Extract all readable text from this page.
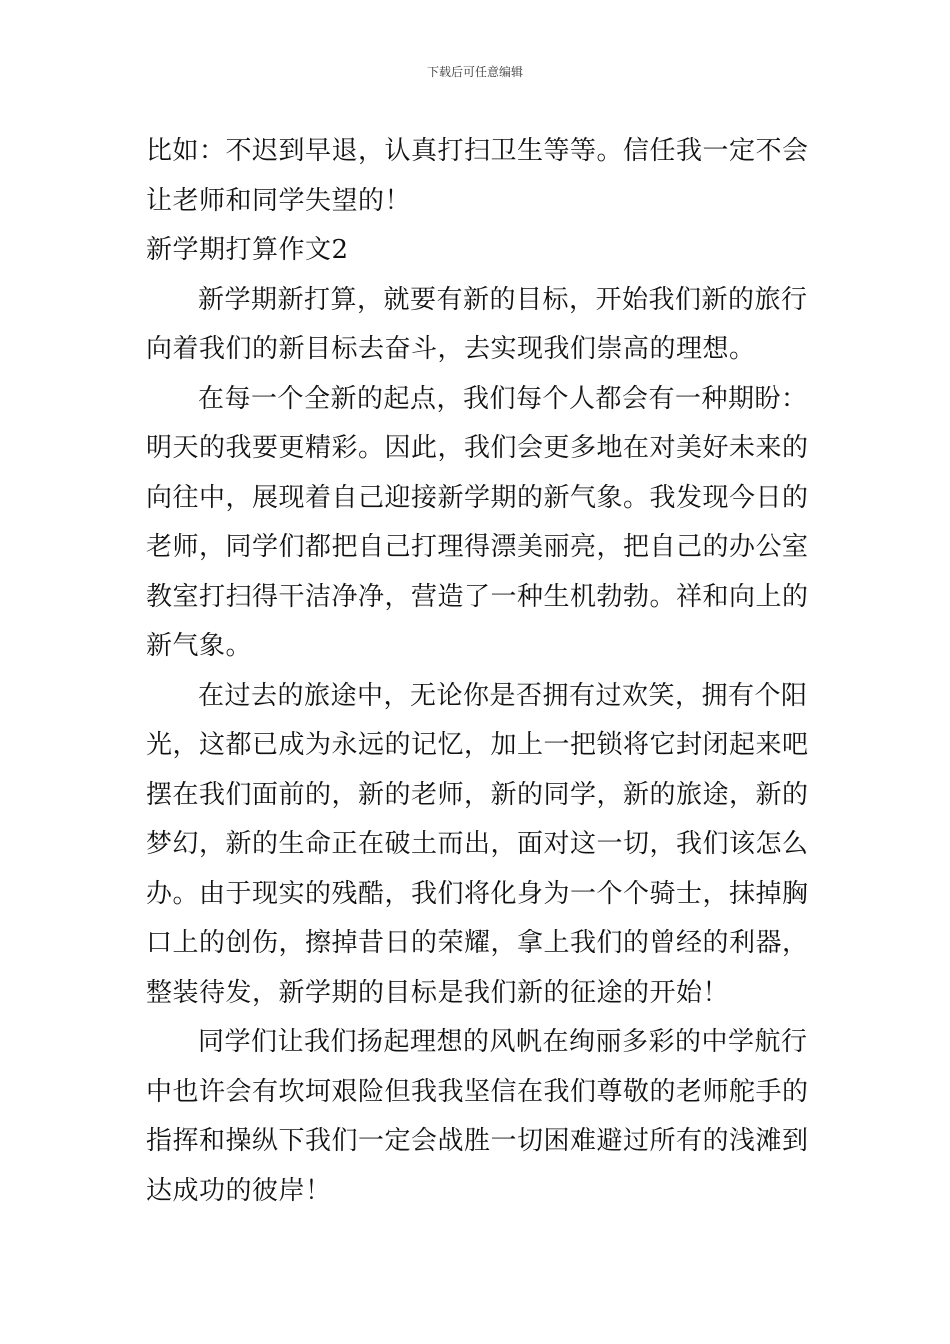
下载后可任意编辑
比如：不迟到早退，认真打扫卫生等等。信任我一定不会
让老师和同学失望的！
新学期打算作文2
新学期新打算，就要有新的目标，开始我们新的旅行
向着我们的新目标去奋斗，去实现我们崇高的理想。
在每一个全新的起点，我们每个人都会有一种期盼：
明天的我要更精彩。因此，我们会更多地在对美好未来的
向往中，展现着自己迎接新学期的新气象。我发现今日的
老师，同学们都把自己打理得漂美丽亮，把自己的办公室
教室打扫得干洁净净，营造了一种生机勃勃。祥和向上的
新气象。
在过去的旅途中，无论你是否拥有过欢笑，拥有个阳
光，这都已成为永远的记忆，加上一把锁将它封闭起来吧
摆在我们面前的，新的老师，新的同学，新的旅途，新的
梦幻，新的生命正在破土而出，面对这一切，我们该怎么
办。由于现实的残酷，我们将化身为一个个骑士，抹掉胸
口上的创伤，擦掉昔日的荣耀，拿上我们的曾经的利器，
整装待发，新学期的目标是我们新的征途的开始！
同学们让我们扬起理想的风帆在绚丽多彩的中学航行
中也许会有坎坷艰险但我我坚信在我们尊敬的老师舵手的
指挥和操纵下我们一定会战胜一切困难避过所有的浅滩到
达成功的彼岸！
